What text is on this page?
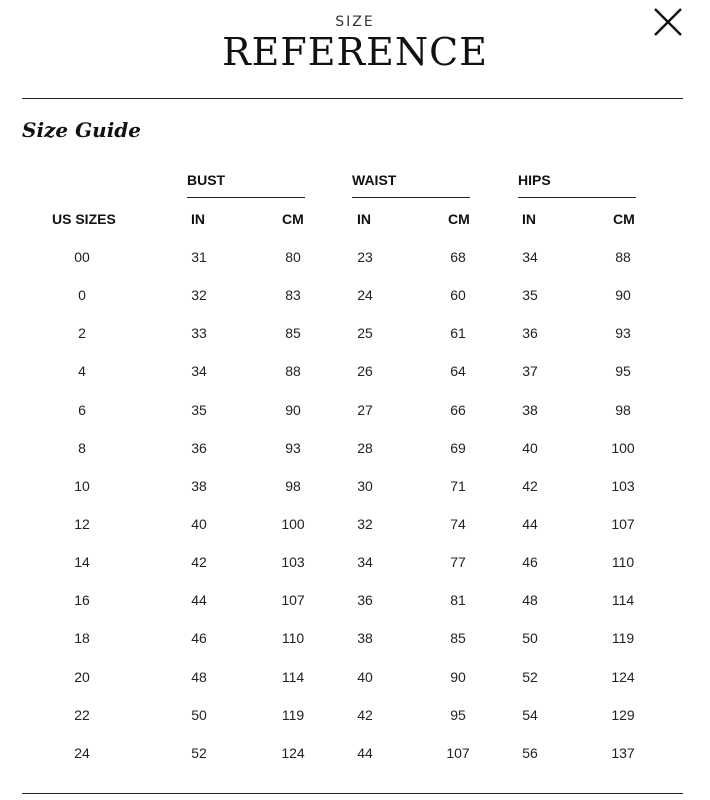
SIZE
REFERENCE
Size Guide
BUST	WAIST	HIPS
US SIZES	IN	CM	IN	CM	IN	CM
00	31	80	23	68	34	88
0	32	83	24	60	35	90
2	33	85	25	61	36	93
4	34	88	26	64	37	95
6	35	90	27	66	38	98
8	36	93	28	69	40	100
10	38	98	30	71	42	103
12	40	100	32	74	44	107
14	42	103	34	77	46	110
16	44	107	36	81	48	114
18	46	110	38	85	50	119
20	48	114	40	90	52	124
22	50	119	42	95	54	129
24	52	124	44	107	56	137
